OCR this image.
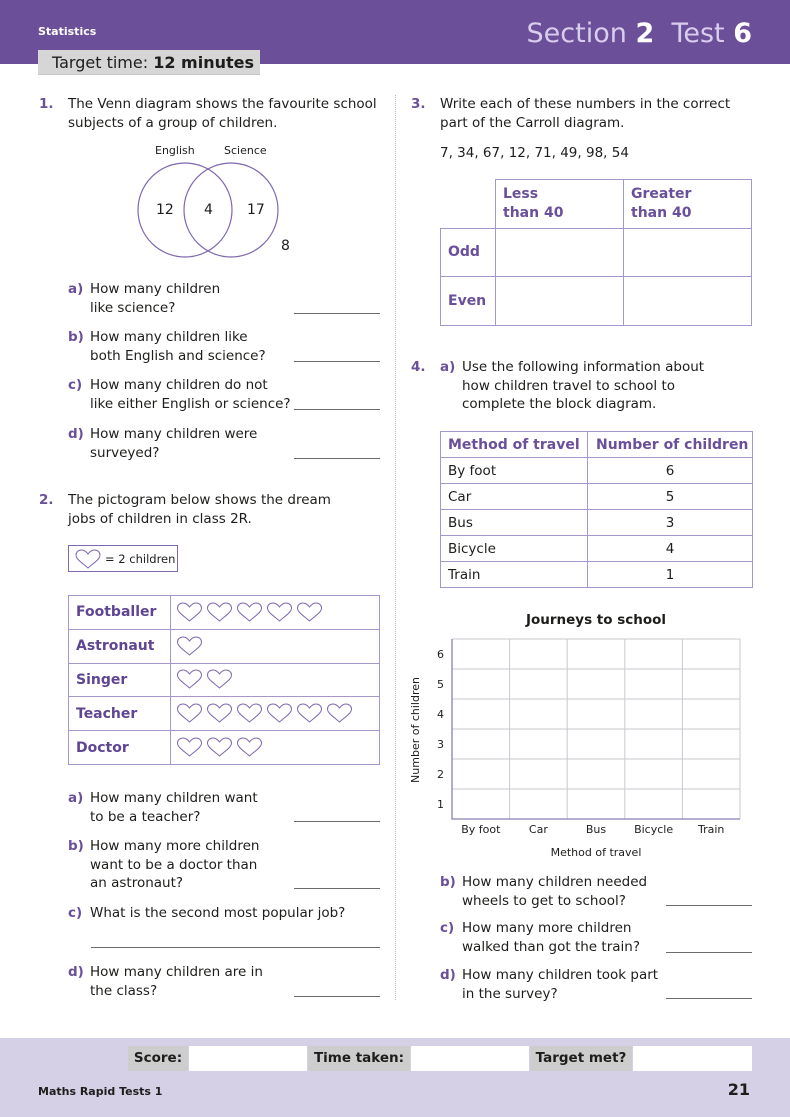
Statistics	Section 2 Test 6
Target time: 12 minutes
1. The Venn diagram shows the favourite school
subjects of a group of children.
English	Science
12 4 17
8
a) How many children
like science?
b) How many children like
both English and science?
c) How many children do not
like either English or science?
d) How many children were
surveyed?
2. The pictogram below shows the dream
jobs of children in class 2R.
= 2 children
Footballer	
Astronaut	
Singer	
Teacher	
Doctor	
a) How many children want
to be a teacher?
b) How many more children
want to be a doctor than
an astronaut?
c) What is the second most popular job?
d) How many children are in
the class?
3. Write each of these numbers in the correct
part of the Carroll diagram.
7, 34, 67, 12, 71, 49, 98, 54
	Less
than 40	Greater
than 40
Odd		
Even		
4. a) Use the following information about
how children travel to school to
complete the block diagram.
Method of travel	Number of children
By foot	6
Car	5
Bus	3
Bicycle	4
Train	1
Journeys to school
Number of children
Method of travel
1
2
3
4
5
6
By foot	Car	Bus	Bicycle Train
b) How many children needed
wheels to get to school?
c) How many more children
walked than got the train?
d) How many children took part
in the survey?
Score:	Time taken:	Target met?
Maths Rapid Tests 1	21
